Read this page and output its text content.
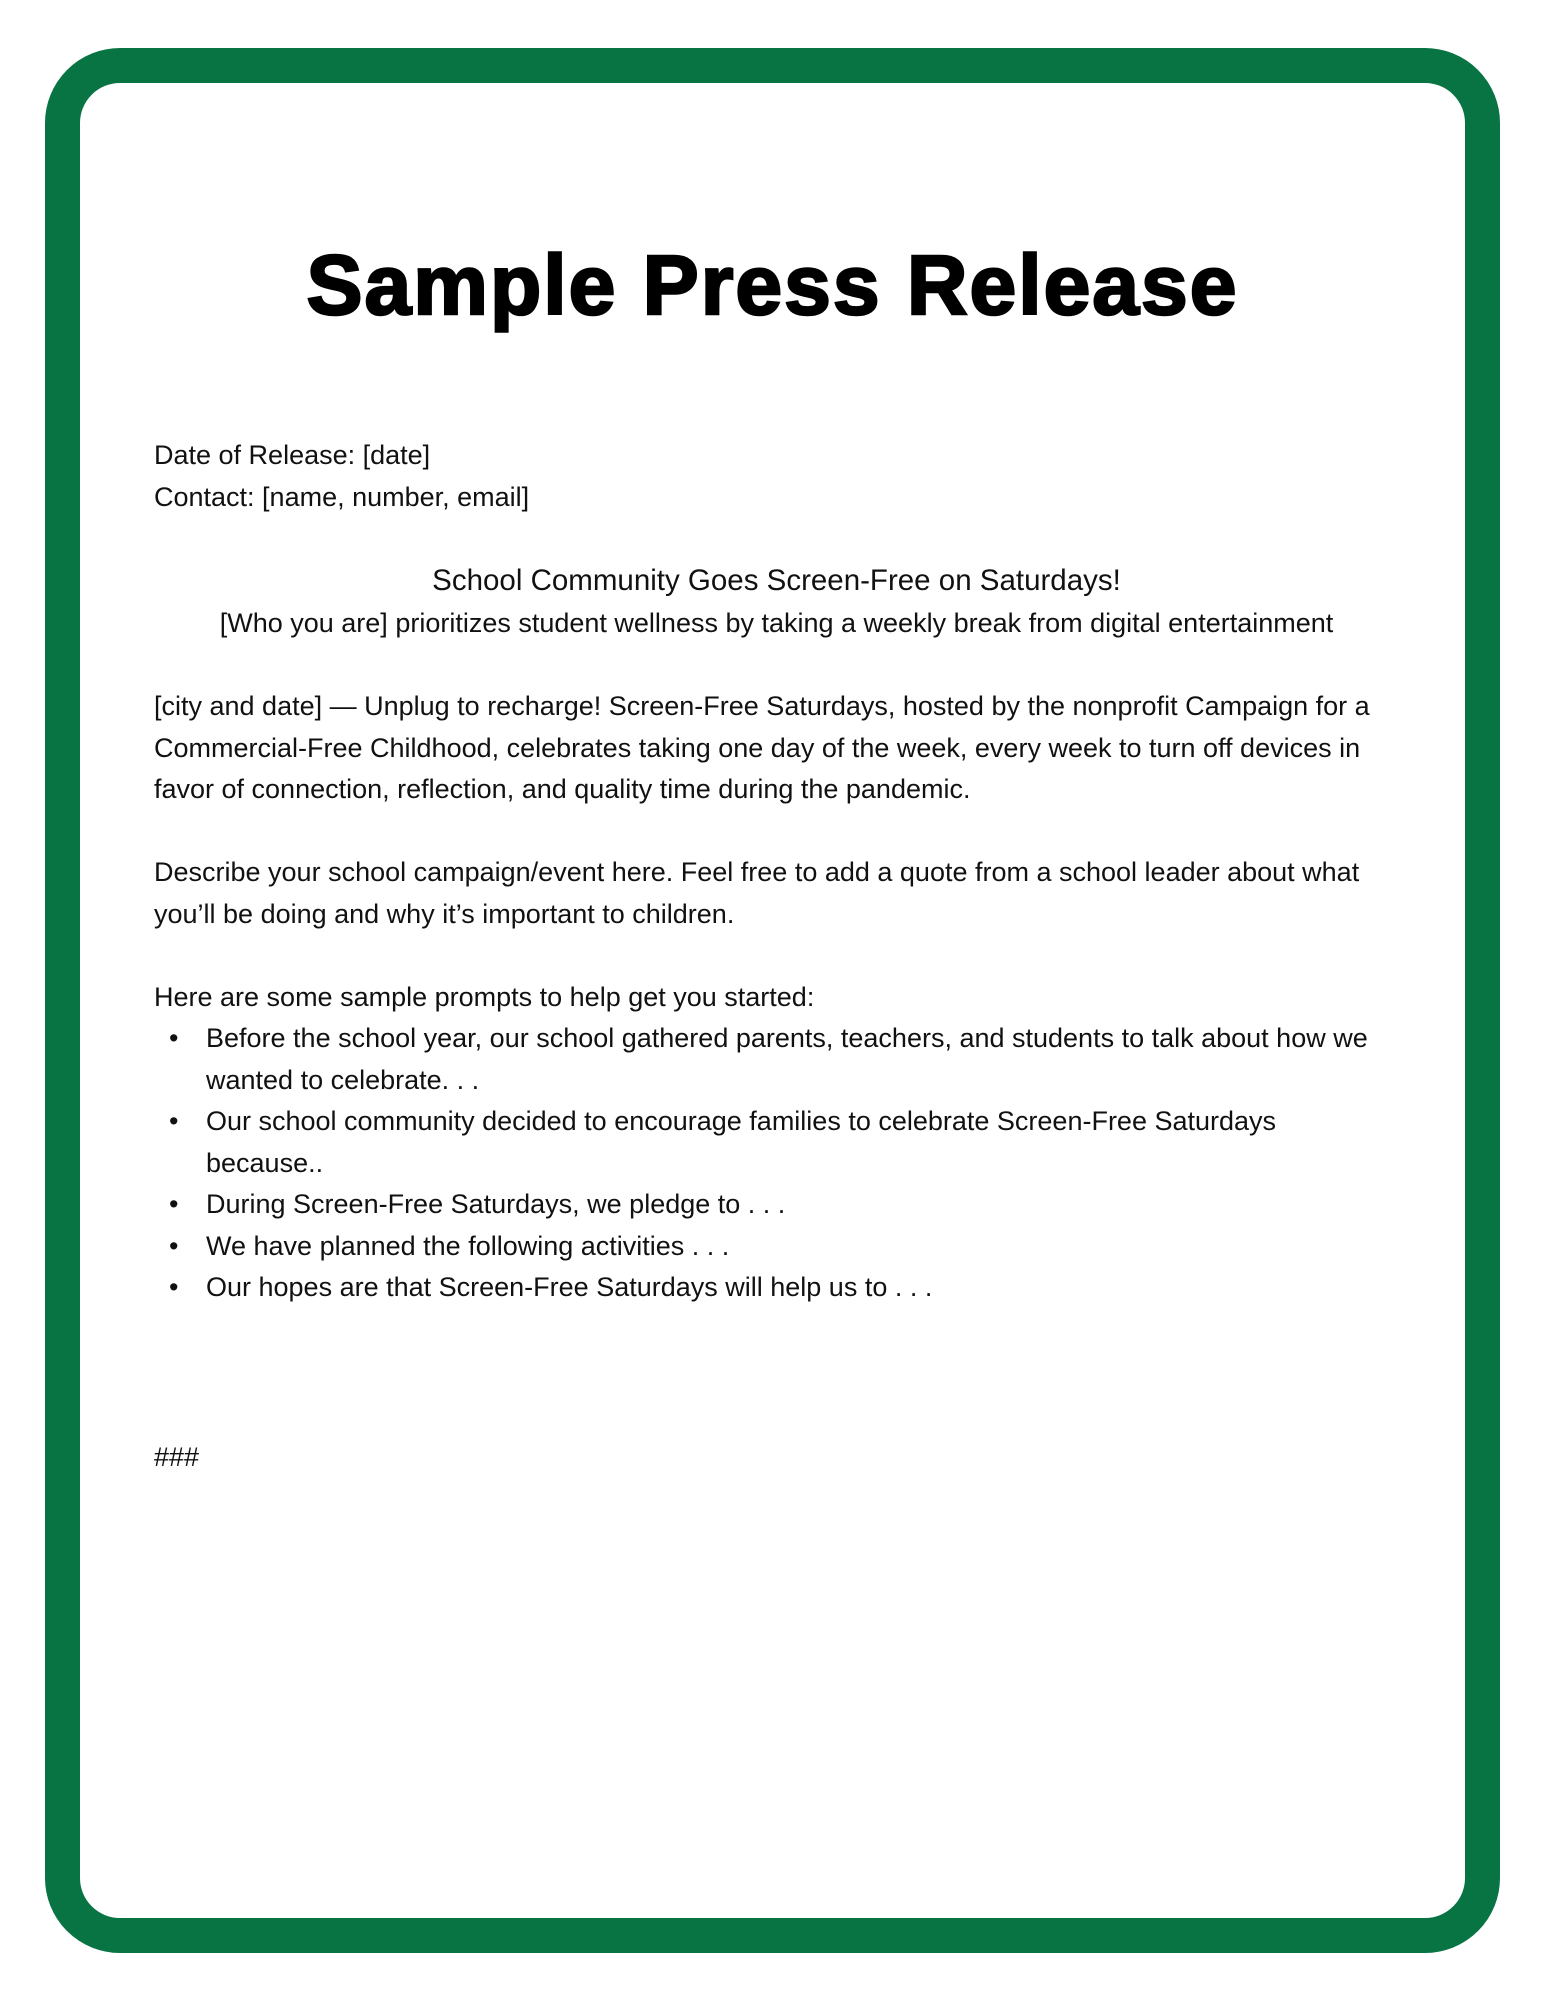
Sample Press Release

Date of Release: [date]

Contact: [name, number, email]

School Community Goes Screen-Free on Saturdays!

[Who you are] prioritizes student wellness by taking a weekly break from digital entertainment

[city and date] — Unplug to recharge! Screen-Free Saturdays, hosted by the nonprofit Campaign for a Commercial-Free Childhood, celebrates taking one day of the week, every week to turn off devices in favor of connection, reflection, and quality time during the pandemic.

Describe your school campaign/event here. Feel free to add a quote from a school leader about what you’ll be doing and why it’s important to children.

Here are some sample prompts to help get you started:

• Before the school year, our school gathered parents, teachers, and students to talk about how we wanted to celebrate. . .
• Our school community decided to encourage families to celebrate Screen-Free Saturdays because..
• During Screen-Free Saturdays, we pledge to . . .
• We have planned the following activities . . .
• Our hopes are that Screen-Free Saturdays will help us to . . .

###
